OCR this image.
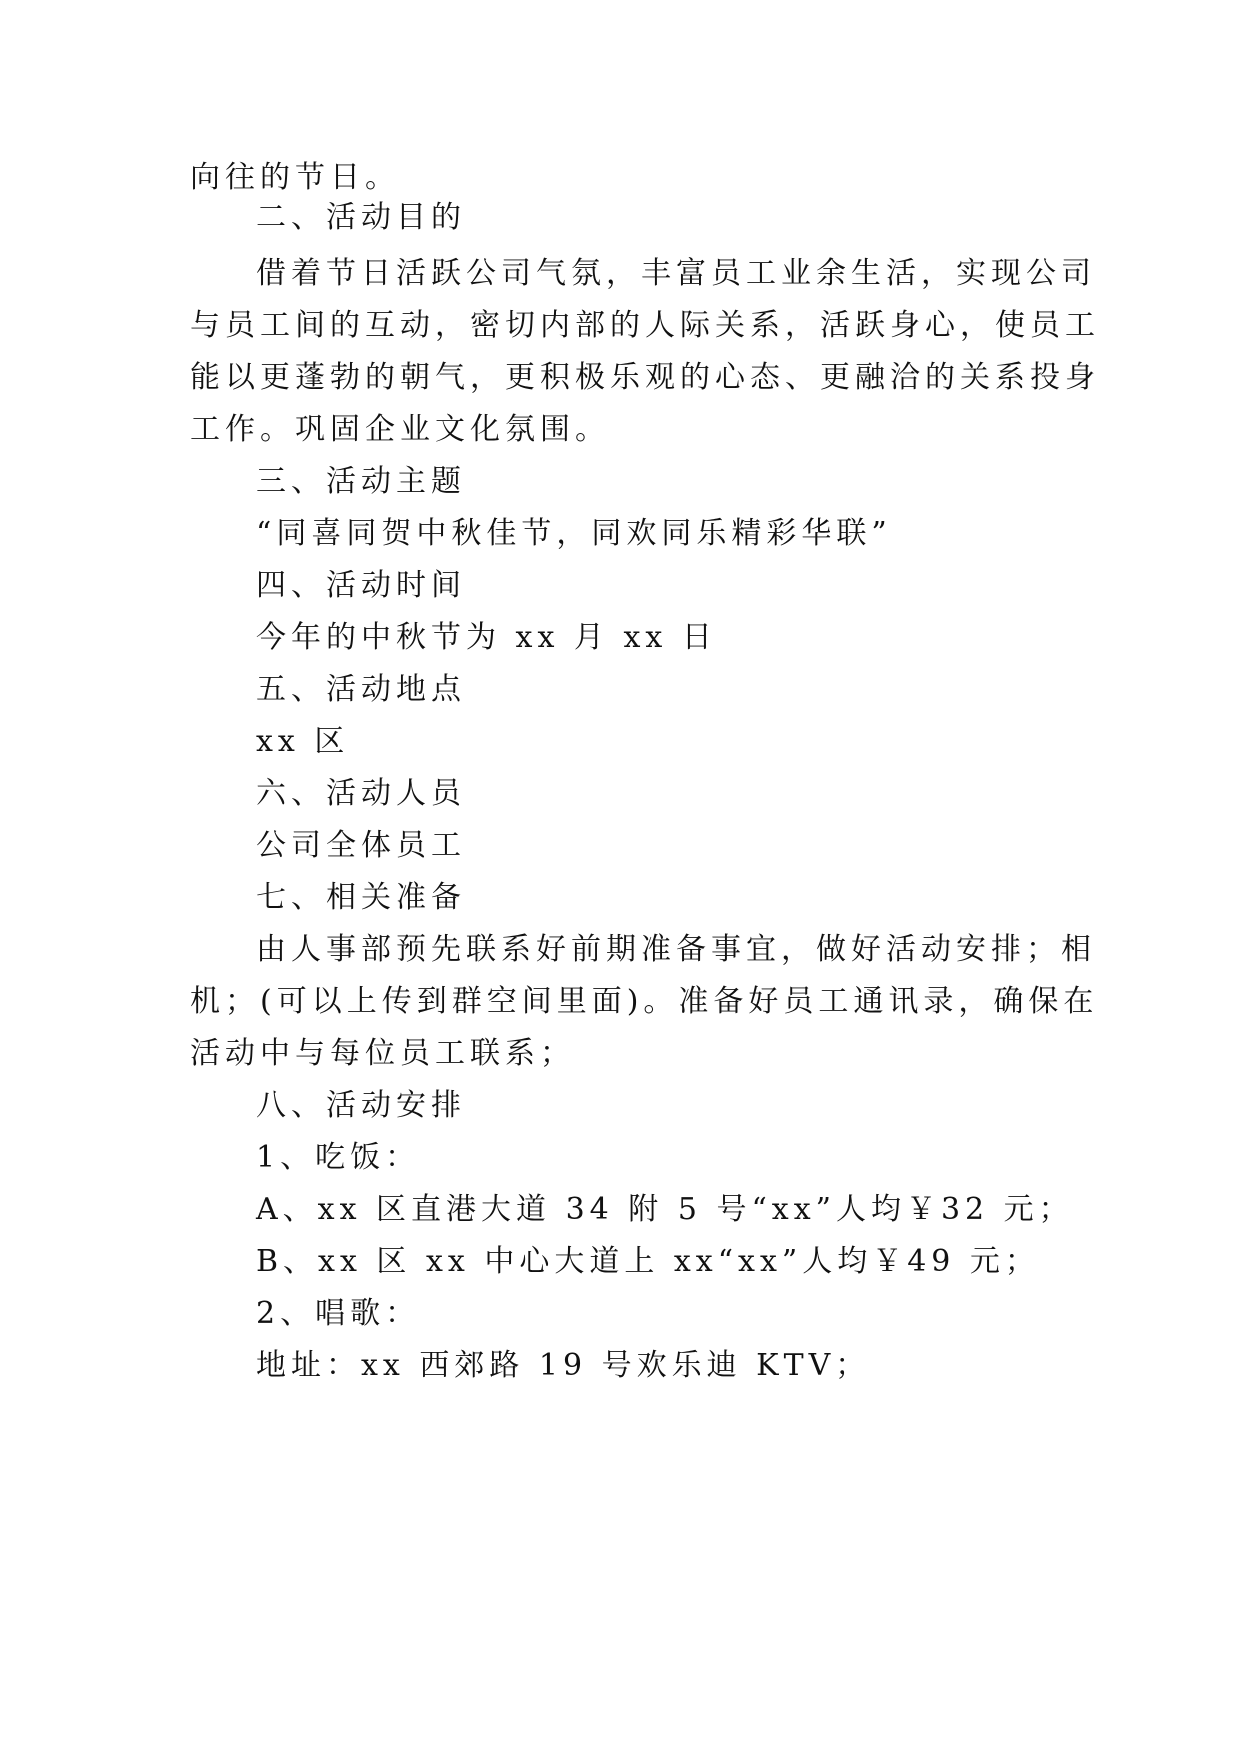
向往的节日。
二、活动目的
借着节日活跃公司气氛，丰富员工业余生活，实现公司
与员工间的互动，密切内部的人际关系，活跃身心，使员工
能以更蓬勃的朝气，更积极乐观的心态、更融洽的关系投身
工作。巩固企业文化氛围。
三、活动主题
“同喜同贺中秋佳节，同欢同乐精彩华联”
四、活动时间
今年的中秋节为 xx 月 xx 日
五、活动地点
xx 区
六、活动人员
公司全体员工
七、相关准备
由人事部预先联系好前期准备事宜，做好活动安排；相
机；(可以上传到群空间里面)。准备好员工通讯录，确保在
活动中与每位员工联系；
八、活动安排
1、吃饭：
A、xx 区直港大道 34 附 5 号“xx”人均￥32 元；
B、xx 区 xx 中心大道上 xx“xx”人均￥49 元；
2、唱歌：
地址：xx 西郊路 19 号欢乐迪 KTV；
